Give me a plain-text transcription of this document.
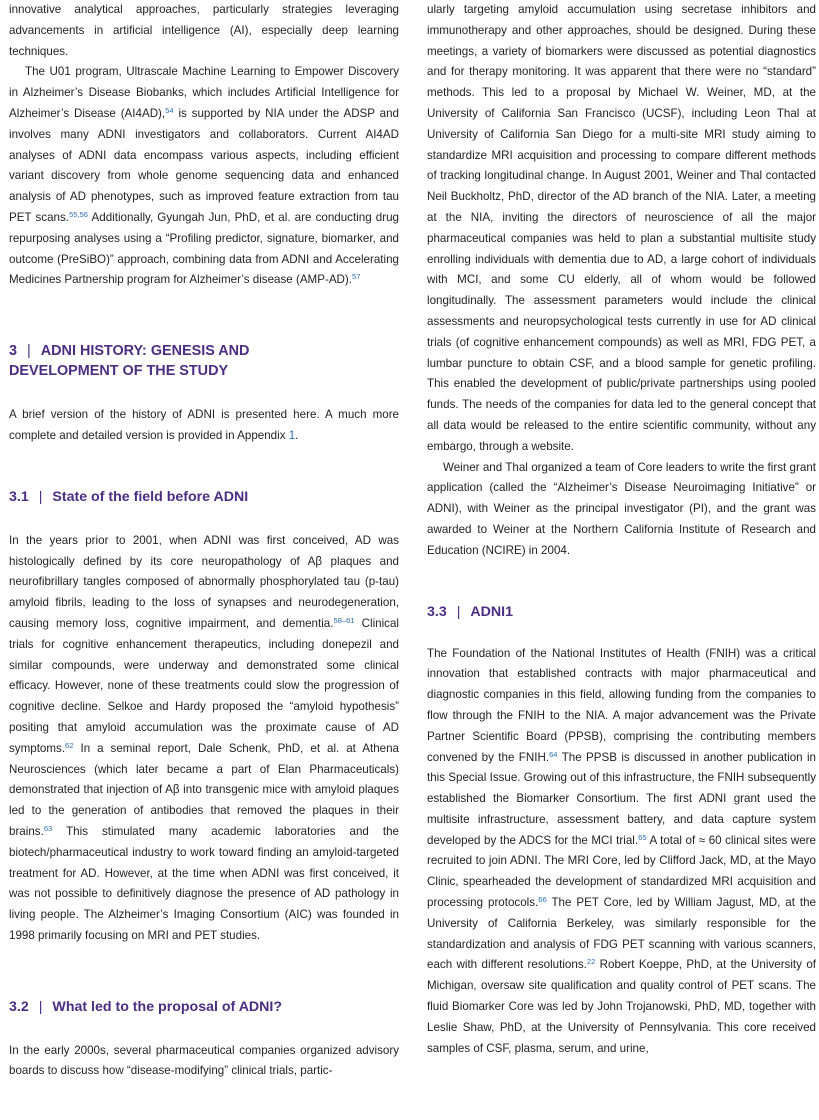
innovative analytical approaches, particularly strategies leveraging advancements in artificial intelligence (AI), especially deep learning techniques.

The U01 program, Ultrascale Machine Learning to Empower Discovery in Alzheimer’s Disease Biobanks, which includes Artificial Intelligence for Alzheimer’s Disease (AI4AD),$^{54}$ is supported by NIA under the ADSP and involves many ADNI investigators and collaborators. Current AI4AD analyses of ADNI data encompass various aspects, including efficient variant discovery from whole genome sequencing data and enhanced analysis of AD phenotypes, such as improved feature extraction from tau PET scans.$^{55,56}$ Additionally, Gyungah Jun, PhD, et al. are conducting drug repurposing analyses using a “Profiling predictor, signature, biomarker, and outcome (PreSiBO)” approach, combining data from ADNI and Accelerating Medicines Partnership program for Alzheimer’s disease (AMP-AD).$^{57}$

3 | ADNI HISTORY: GENESIS AND
DEVELOPMENT OF THE STUDY

A brief version of the history of ADNI is presented here. A much more complete and detailed version is provided in Appendix 1.

3.1 | State of the field before ADNI

In the years prior to 2001, when ADNI was first conceived, AD was histologically defined by its core neuropathology of Aβ plaques and neurofibrillary tangles composed of abnormally phosphorylated tau (p-tau) amyloid fibrils, leading to the loss of synapses and neurodegeneration, causing memory loss, cognitive impairment, and dementia.$^{58-61}$ Clinical trials for cognitive enhancement therapeutics, including donepezil and similar compounds, were underway and demonstrated some clinical efficacy. However, none of these treatments could slow the progression of cognitive decline. Selkoe and Hardy proposed the “amyloid hypothesis” positing that amyloid accumulation was the proximate cause of AD symptoms.$^{62}$ In a seminal report, Dale Schenk, PhD, et al. at Athena Neurosciences (which later became a part of Elan Pharmaceuticals) demonstrated that injection of Aβ into transgenic mice with amyloid plaques led to the generation of antibodies that removed the plaques in their brains.$^{63}$ This stimulated many academic laboratories and the biotech/pharmaceutical industry to work toward finding an amyloid-targeted treatment for AD. However, at the time when ADNI was first conceived, it was not possible to definitively diagnose the presence of AD pathology in living people. The Alzheimer’s Imaging Consortium (AIC) was founded in 1998 primarily focusing on MRI and PET studies.

3.2 | What led to the proposal of ADNI?

In the early 2000s, several pharmaceutical companies organized advisory boards to discuss how “disease-modifying” clinical trials, partic-

ularly targeting amyloid accumulation using secretase inhibitors and immunotherapy and other approaches, should be designed. During these meetings, a variety of biomarkers were discussed as potential diagnostics and for therapy monitoring. It was apparent that there were no “standard” methods. This led to a proposal by Michael W. Weiner, MD, at the University of California San Francisco (UCSF), including Leon Thal at University of California San Diego for a multi-site MRI study aiming to standardize MRI acquisition and processing to compare different methods of tracking longitudinal change. In August 2001, Weiner and Thal contacted Neil Buckholtz, PhD, director of the AD branch of the NIA. Later, a meeting at the NIA, inviting the directors of neuroscience of all the major pharmaceutical companies was held to plan a substantial multisite study enrolling individuals with dementia due to AD, a large cohort of individuals with MCI, and some CU elderly, all of whom would be followed longitudinally. The assessment parameters would include the clinical assessments and neuropsychological tests currently in use for AD clinical trials (of cognitive enhancement compounds) as well as MRI, FDG PET, a lumbar puncture to obtain CSF, and a blood sample for genetic profiling. This enabled the development of public/private partnerships using pooled funds. The needs of the companies for data led to the general concept that all data would be released to the entire scientific community, without any embargo, through a website.

Weiner and Thal organized a team of Core leaders to write the first grant application (called the “Alzheimer’s Disease Neuroimaging Initiative” or ADNI), with Weiner as the principal investigator (PI), and the grant was awarded to Weiner at the Northern California Institute of Research and Education (NCIRE) in 2004.

3.3 | ADNI1

The Foundation of the National Institutes of Health (FNIH) was a critical innovation that established contracts with major pharmaceutical and diagnostic companies in this field, allowing funding from the companies to flow through the FNIH to the NIA. A major advancement was the Private Partner Scientific Board (PPSB), comprising the contributing members convened by the FNIH.$^{64}$ The PPSB is discussed in another publication in this Special Issue. Growing out of this infrastructure, the FNIH subsequently established the Biomarker Consortium. The first ADNI grant used the multisite infrastructure, assessment battery, and data capture system developed by the ADCS for the MCI trial.$^{65}$ A total of ≈ 60 clinical sites were recruited to join ADNI. The MRI Core, led by Clifford Jack, MD, at the Mayo Clinic, spearheaded the development of standardized MRI acquisition and processing protocols.$^{66}$ The PET Core, led by William Jagust, MD, at the University of California Berkeley, was similarly responsible for the standardization and analysis of FDG PET scanning with various scanners, each with different resolutions.$^{22}$ Robert Koeppe, PhD, at the University of Michigan, oversaw site qualification and quality control of PET scans. The fluid Biomarker Core was led by John Trojanowski, PhD, MD, together with Leslie Shaw, PhD, at the University of Pennsylvania. This core received samples of CSF, plasma, serum, and urine,
